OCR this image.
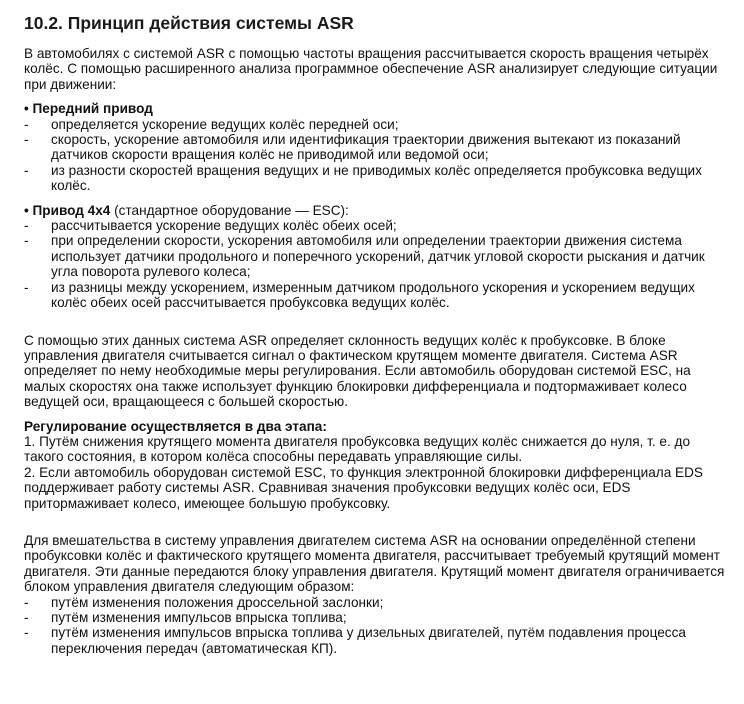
10.2. Принцип действия системы ASR

В автомобилях с системой ASR с помощью частоты вращения рассчитывается скорость вращения четырёх колёс. С помощью расширенного анализа программное обеспечение ASR анализирует следующие ситуации при движении:

• Передний привод
- определяется ускорение ведущих колёс передней оси;
- скорость, ускорение автомобиля или идентификация траектории движения вытекают из показаний датчиков скорости вращения колёс не приводимой или ведомой оси;
- из разности скоростей вращения ведущих и не приводимых колёс определяется пробуксовка ведущих колёс.
• Привод 4x4 (стандартное оборудование — ESC):
- рассчитывается ускорение ведущих колёс обеих осей;
- при определении скорости, ускорения автомобиля или определении траектории движения система использует датчики продольного и поперечного ускорений, датчик угловой скорости рыскания и датчик угла поворота рулевого колеса;
- из разницы между ускорением, измеренным датчиком продольного ускорения и ускорением ведущих колёс обеих осей рассчитывается пробуксовка ведущих колёс.

С помощью этих данных система ASR определяет склонность ведущих колёс к пробуксовке. В блоке управления двигателя считывается сигнал о фактическом крутящем моменте двигателя. Система ASR определяет по нему необходимые меры регулирования. Если автомобиль оборудован системой ESC, на малых скоростях она также использует функцию блокировки дифференциала и подтормаживает колесо ведущей оси, вращающееся с большей скоростью.

Регулирование осуществляется в два этапа:

1. Путём снижения крутящего момента двигателя пробуксовка ведущих колёс снижается до нуля, т. е. до такого состояния, в котором колёса способны передавать управляющие силы.

2. Если автомобиль оборудован системой ESC, то функция электронной блокировки дифференциала EDS поддерживает работу системы ASR. Сравнивая значения пробуксовки ведущих колёс оси, EDS притормаживает колесо, имеющее большую пробуксовку.

Для вмешательства в систему управления двигателем система ASR на основании определённой степени пробуксовки колёс и фактического крутящего момента двигателя, рассчитывает требуемый крутящий момент двигателя. Эти данные передаются блоку управления двигателя. Крутящий момент двигателя ограничивается блоком управления двигателя следующим образом:

- путём изменения положения дроссельной заслонки;
- путём изменения импульсов впрыска топлива;
- путём изменения импульсов впрыска топлива у дизельных двигателей, путём подавления процесса переключения передач (автоматическая КП).
